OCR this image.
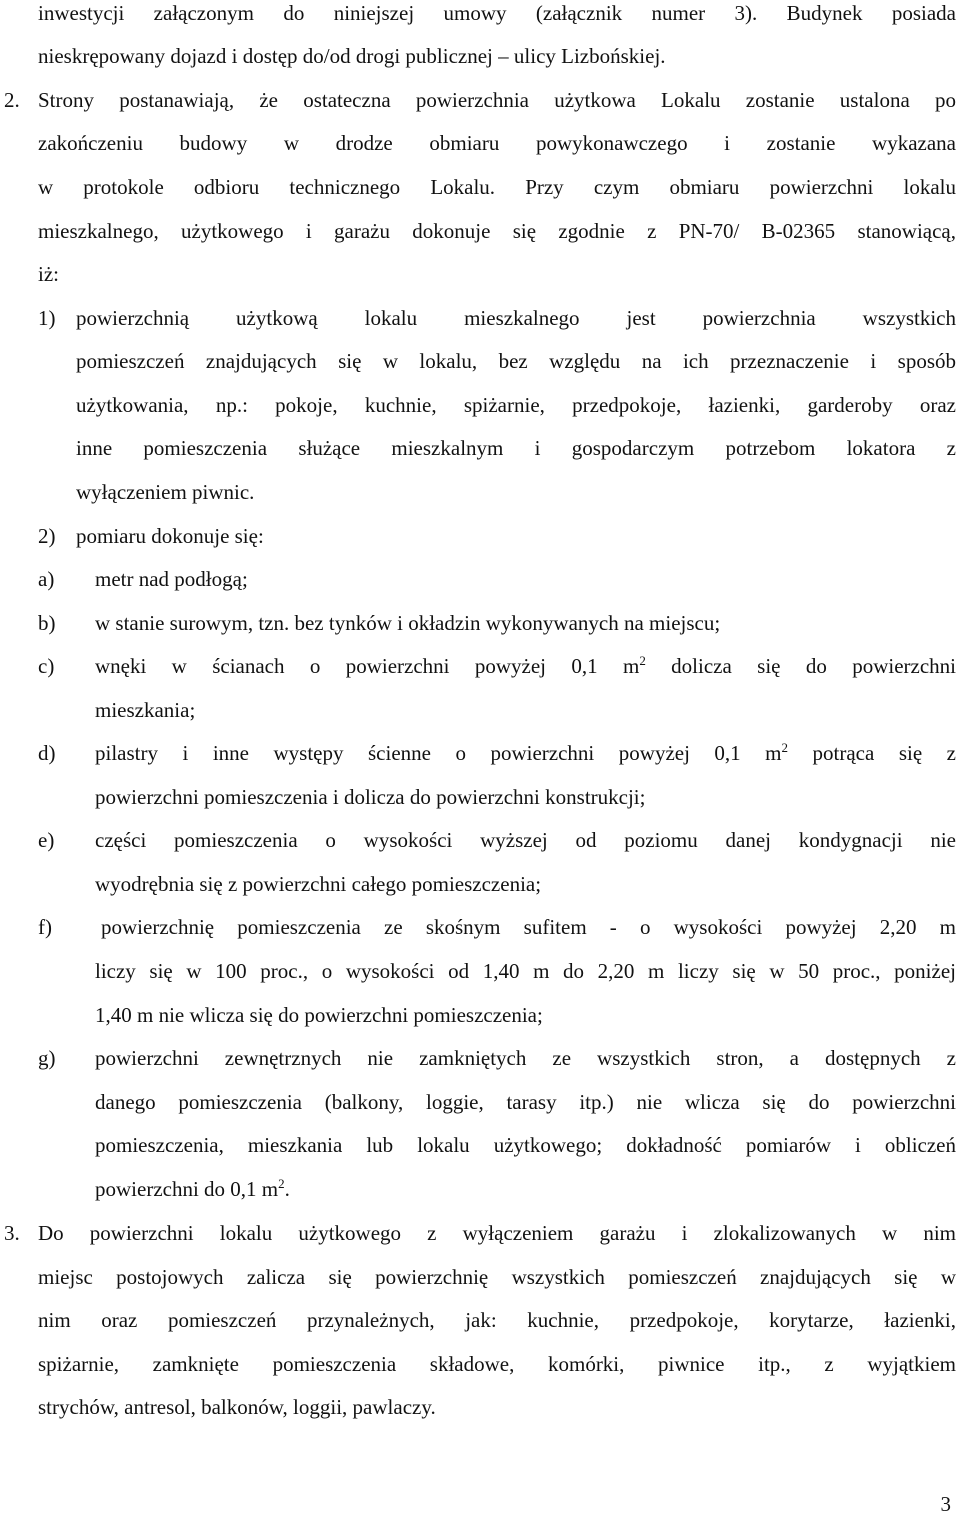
inwestycji załączonym do niniejszej umowy (załącznik numer 3). Budynek posiada
nieskrępowany dojazd i dostęp do/od drogi publicznej – ulicy Lizbońskiej.
2. Strony postanawiają, że ostateczna powierzchnia użytkowa Lokalu zostanie ustalona po
zakończeniu budowy w drodze obmiaru powykonawczego i zostanie wykazana
w protokole odbioru technicznego Lokalu. Przy czym obmiaru powierzchni lokalu
mieszkalnego, użytkowego i garażu dokonuje się zgodnie z PN-70/ B-02365 stanowiącą,
iż:
1) powierzchnią użytkową lokalu mieszkalnego jest powierzchnia wszystkich
pomieszczeń znajdujących się w lokalu, bez względu na ich przeznaczenie i sposób
użytkowania, np.: pokoje, kuchnie, spiżarnie, przedpokoje, łazienki, garderoby oraz
inne pomieszczenia służące mieszkalnym i gospodarczym potrzebom lokatora z
wyłączeniem piwnic.
2) pomiaru dokonuje się:
a) metr nad podłogą;
b) w stanie surowym, tzn. bez tynków i okładzin wykonywanych na miejscu;
c) wnęki w ścianach o powierzchni powyżej 0,1 $m^2$ dolicza się do powierzchni
mieszkania;
d) pilastry i inne występy ścienne o powierzchni powyżej 0,1 $m^2$ potrąca się z
powierzchni pomieszczenia i dolicza do powierzchni konstrukcji;
e) części pomieszczenia o wysokości wyższej od poziomu danej kondygnacji nie
wyodrębnia się z powierzchni całego pomieszczenia;
f) powierzchnię pomieszczenia ze skośnym sufitem - o wysokości powyżej 2,20 m
liczy się w 100 proc., o wysokości od 1,40 m do 2,20 m liczy się w 50 proc., poniżej
1,40 m nie wlicza się do powierzchni pomieszczenia;
g) powierzchni zewnętrznych nie zamkniętych ze wszystkich stron, a dostępnych z
danego pomieszczenia (balkony, loggie, tarasy itp.) nie wlicza się do powierzchni
pomieszczenia, mieszkania lub lokalu użytkowego; dokładność pomiarów i obliczeń
powierzchni do 0,1 $m^2$.
3. Do powierzchni lokalu użytkowego z wyłączeniem garażu i zlokalizowanych w nim
miejsc postojowych zalicza się powierzchnię wszystkich pomieszczeń znajdujących się w
nim oraz pomieszczeń przynależnych, jak: kuchnie, przedpokoje, korytarze, łazienki,
spiżarnie, zamknięte pomieszczenia składowe, komórki, piwnice itp., z wyjątkiem
strychów, antresol, balkonów, loggii, pawlaczy.
3
